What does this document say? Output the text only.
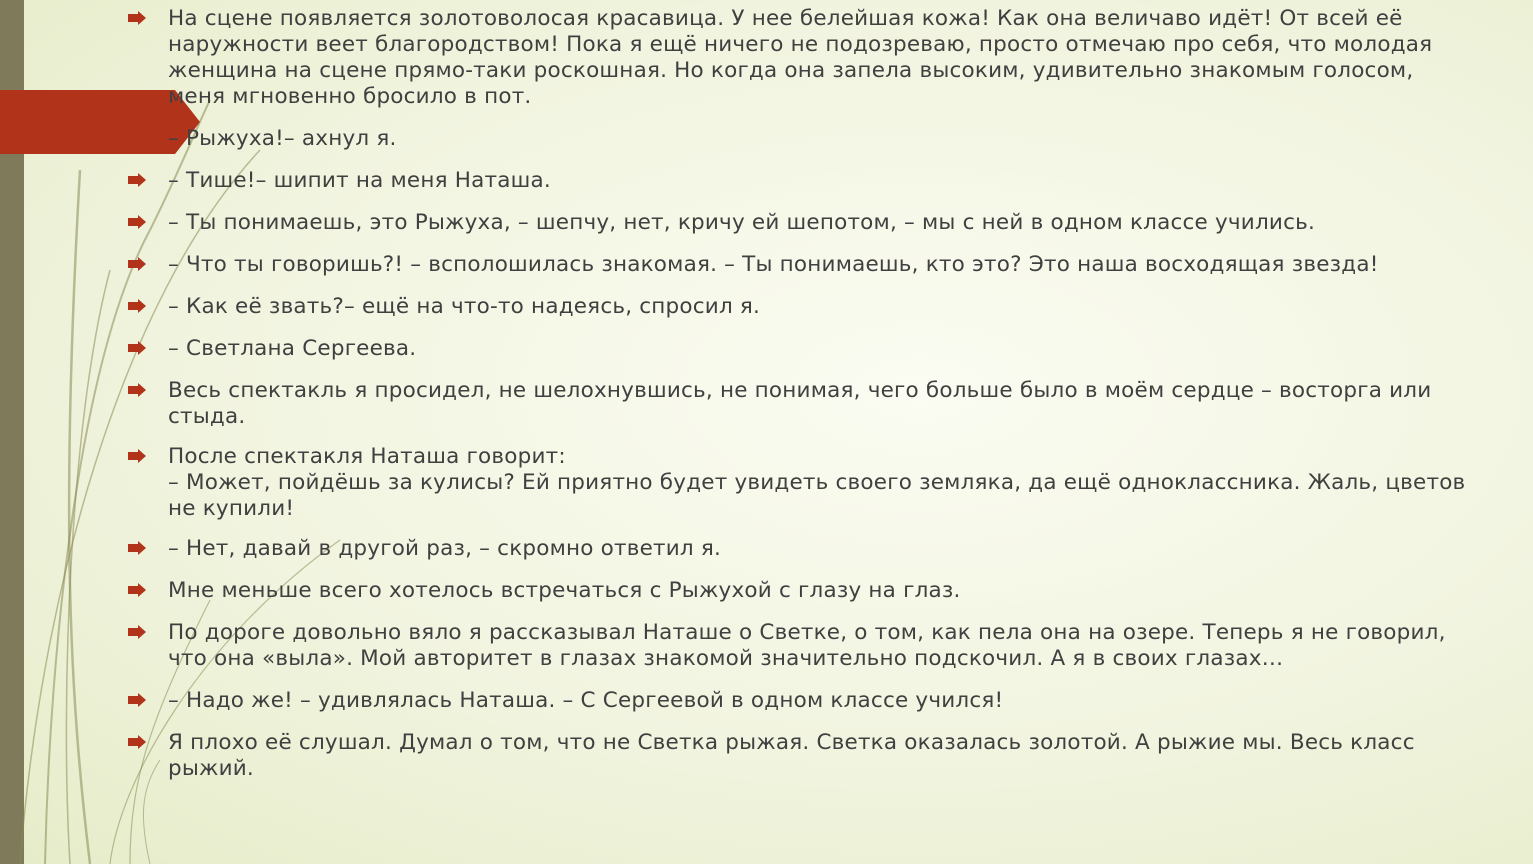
На сцене появляется золотоволосая красавица. У нее белейшая кожа! Как она величаво идёт! От всей её
наружности веет благородством! Пока я ещё ничего не подозреваю, просто отмечаю про себя, что молодая
женщина на сцене прямо-таки роскошная. Но когда она запела высоким, удивительно знакомым голосом,
меня мгновенно бросило в пот.
– Рыжуха!– ахнул я.
– Тише!– шипит на меня Наташа.
– Ты понимаешь, это Рыжуха, – шепчу, нет, кричу ей шепотом, – мы с ней в одном классе учились.
– Что ты говоришь?! – всполошилась знакомая. – Ты понимаешь, кто это? Это наша восходящая звезда!
– Как её звать?– ещё на что-то надеясь, спросил я.
– Светлана Сергеева.
Весь спектакль я просидел, не шелохнувшись, не понимая, чего больше было в моём сердце – восторга или
стыда.
После спектакля Наташа говорит:
– Может, пойдёшь за кулисы? Ей приятно будет увидеть своего земляка, да ещё одноклассника. Жаль, цветов
не купили!
– Нет, давай в другой раз, – скромно ответил я.
Мне меньше всего хотелось встречаться с Рыжухой с глазу на глаз.
По дороге довольно вяло я рассказывал Наташе о Светке, о том, как пела она на озере. Теперь я не говорил,
что она «выла». Мой авторитет в глазах знакомой значительно подскочил. А я в своих глазах…
– Надо же! – удивлялась Наташа. – С Сергеевой в одном классе учился!
Я плохо её слушал. Думал о том, что не Светка рыжая. Светка оказалась золотой. А рыжие мы. Весь класс
рыжий.
